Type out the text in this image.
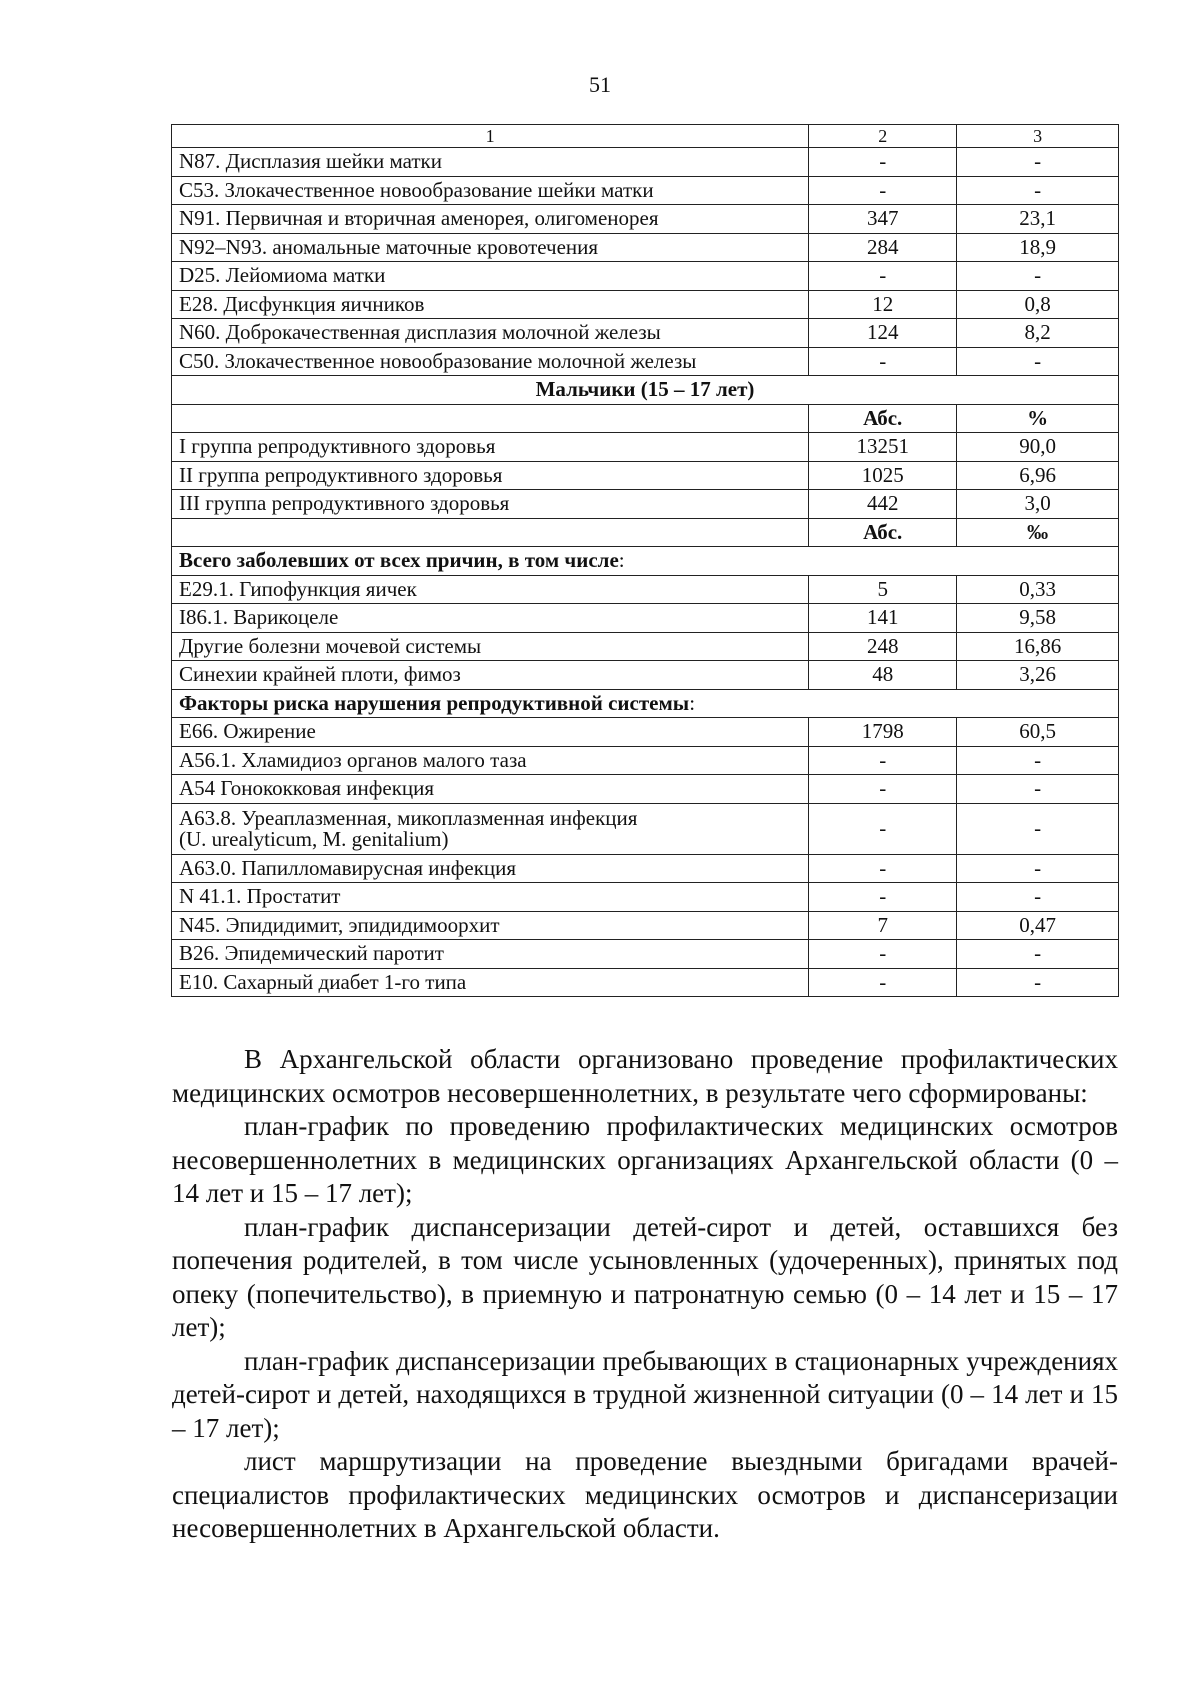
51
1	2	3
N87. Дисплазия шейки матки	-	-
C53. Злокачественное новообразование шейки матки	-	-
N91. Первичная и вторичная аменорея, олигоменорея	347	23,1
N92–N93. аномальные маточные кровотечения	284	18,9
D25. Лейомиома матки	-	-
E28. Дисфункция яичников	12	0,8
N60. Доброкачественная дисплазия молочной железы	124	8,2
C50. Злокачественное новообразование молочной железы	-	-
Мальчики (15 – 17 лет)		
	Абс.	%
I группа репродуктивного здоровья	13251	90,0
II группа репродуктивного здоровья	1025	6,96
III группа репродуктивного здоровья	442	3,0
	Абс.	‰
Всего заболевших от всех причин, в том числе:		
E29.1. Гипофункция яичек	5	0,33
I86.1. Варикоцеле	141	9,58
Другие болезни мочевой системы	248	16,86
Синехии крайней плоти, фимоз	48	3,26
Факторы риска нарушения репродуктивной системы:		
E66. Ожирение	1798	60,5
A56.1. Хламидиоз органов малого таза	-	-
A54 Гонококковая инфекция	-	-

A63.8. Уреаплазменная, микоплазменная инфекция
(U. urealyticum, M. genitalium)	-	-
A63.0. Папилломавирусная инфекция	-	-
N 41.1. Простатит	-	-
N45. Эпидидимит, эпидидимоорхит	7	0,47
B26. Эпидемический паротит	-	-
E10. Сахарный диабет 1-го типа	-	-

В Архангельской области организовано проведение профилактических медицинских осмотров несовершеннолетних, в результате чего сформированы:

план-график по проведению профилактических медицинских осмотров несовершеннолетних в медицинских организациях Архангельской области (0 – 14 лет и 15 – 17 лет);

план-график диспансеризации детей-сирот и детей, оставшихся без попечения родителей, в том числе усыновленных (удочеренных), принятых под опеку (попечительство), в приемную и патронатную семью (0 – 14 лет и 15 – 17 лет);

план-график диспансеризации пребывающих в стационарных учреждениях детей-сирот и детей, находящихся в трудной жизненной ситуации (0 – 14 лет и 15 – 17 лет);

лист маршрутизации на проведение выездными бригадами врачей-специалистов профилактических медицинских осмотров и диспансеризации несовершеннолетних в Архангельской области.
